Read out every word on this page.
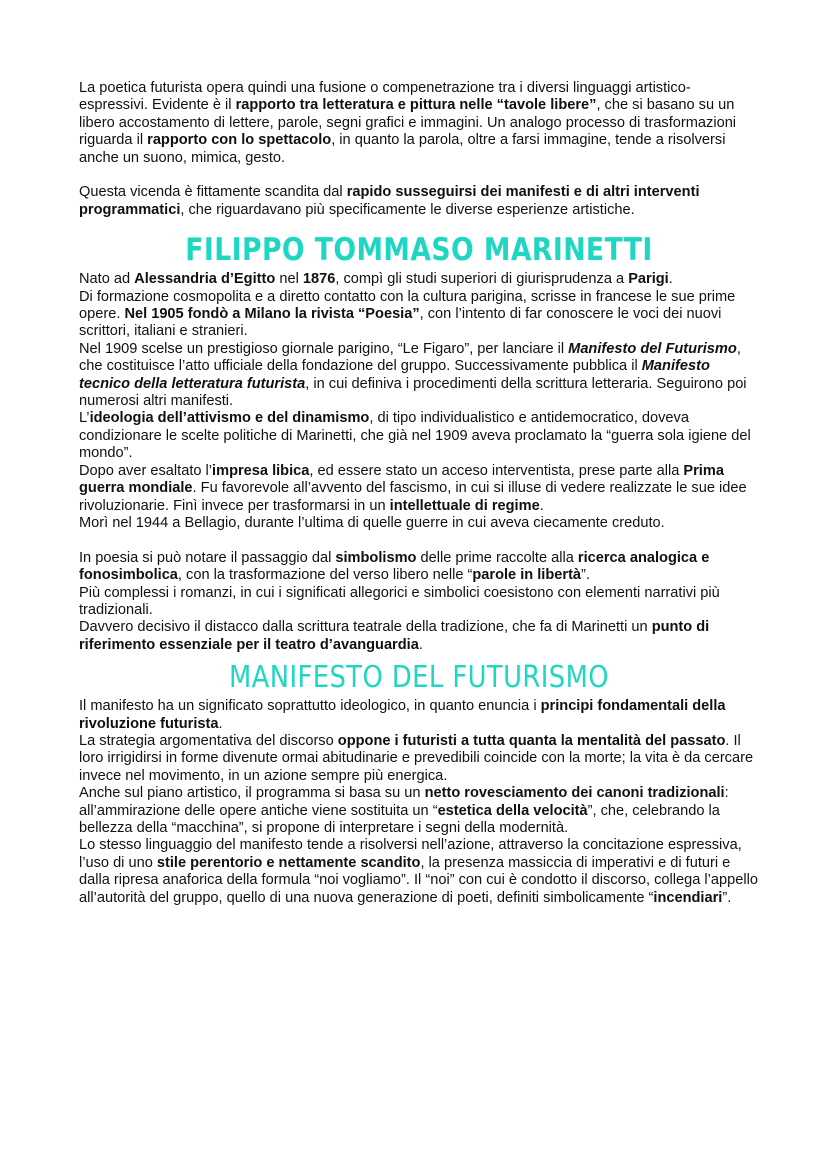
La poetica futurista opera quindi una fusione o compenetrazione tra i diversi linguaggi artistico-espressivi. Evidente è il rapporto tra letteratura e pittura nelle “tavole libere”, che si basano su un libero accostamento di lettere, parole, segni grafici e immagini. Un analogo processo di trasformazioni riguarda il rapporto con lo spettacolo, in quanto la parola, oltre a farsi immagine, tende a risolversi anche un suono, mimica, gesto.

Questa vicenda è fittamente scandita dal rapido susseguirsi dei manifesti e di altri interventi programmatici, che riguardavano più specificamente le diverse esperienze artistiche.

FILIPPO TOMMASO MARINETTI

Nato ad Alessandria d’Egitto nel 1876, compì gli studi superiori di giurisprudenza a Parigi.

Di formazione cosmopolita e a diretto contatto con la cultura parigina, scrisse in francese le sue prime opere. Nel 1905 fondò a Milano la rivista “Poesia”, con l’intento di far conoscere le voci dei nuovi scrittori, italiani e stranieri.

Nel 1909 scelse un prestigioso giornale parigino, “Le Figaro”, per lanciare il Manifesto del Futurismo, che costituisce l’atto ufficiale della fondazione del gruppo. Successivamente pubblica il Manifesto tecnico della letteratura futurista, in cui definiva i procedimenti della scrittura letteraria. Seguirono poi numerosi altri manifesti.

L’ideologia dell’attivismo e del dinamismo, di tipo individualistico e antidemocratico, doveva condizionare le scelte politiche di Marinetti, che già nel 1909 aveva proclamato la “guerra sola igiene del mondo”.

Dopo aver esaltato l’impresa libica, ed essere stato un acceso interventista, prese parte alla Prima guerra mondiale. Fu favorevole all’avvento del fascismo, in cui si illuse di vedere realizzate le sue idee rivoluzionarie. Finì invece per trasformarsi in un intellettuale di regime.

Morì nel 1944 a Bellagio, durante l’ultima di quelle guerre in cui aveva ciecamente creduto.

In poesia si può notare il passaggio dal simbolismo delle prime raccolte alla ricerca analogica e fonosimbolica, con la trasformazione del verso libero nelle “parole in libertà”.

Più complessi i romanzi, in cui i significati allegorici e simbolici coesistono con elementi narrativi più tradizionali.

Davvero decisivo il distacco dalla scrittura teatrale della tradizione, che fa di Marinetti un punto di riferimento essenziale per il teatro d’avanguardia.

MANIFESTO DEL FUTURISMO

Il manifesto ha un significato soprattutto ideologico, in quanto enuncia i principi fondamentali della rivoluzione futurista.

La strategia argomentativa del discorso oppone i futuristi a tutta quanta la mentalità del passato. Il loro irrigidirsi in forme divenute ormai abitudinarie e prevedibili coincide con la morte; la vita è da cercare invece nel movimento, in un azione sempre più energica.

Anche sul piano artistico, il programma si basa su un netto rovesciamento dei canoni tradizionali: all’ammirazione delle opere antiche viene sostituita un “estetica della velocità”, che, celebrando la bellezza della “macchina”, si propone di interpretare i segni della modernità.

Lo stesso linguaggio del manifesto tende a risolversi nell’azione, attraverso la concitazione espressiva, l’uso di uno stile perentorio e nettamente scandito, la presenza massiccia di imperativi e di futuri e dalla ripresa anaforica della formula “noi vogliamo”. Il “noi” con cui è condotto il discorso, collega l’appello all’autorità del gruppo, quello di una nuova generazione di poeti, definiti simbolicamente “incendiari”.
